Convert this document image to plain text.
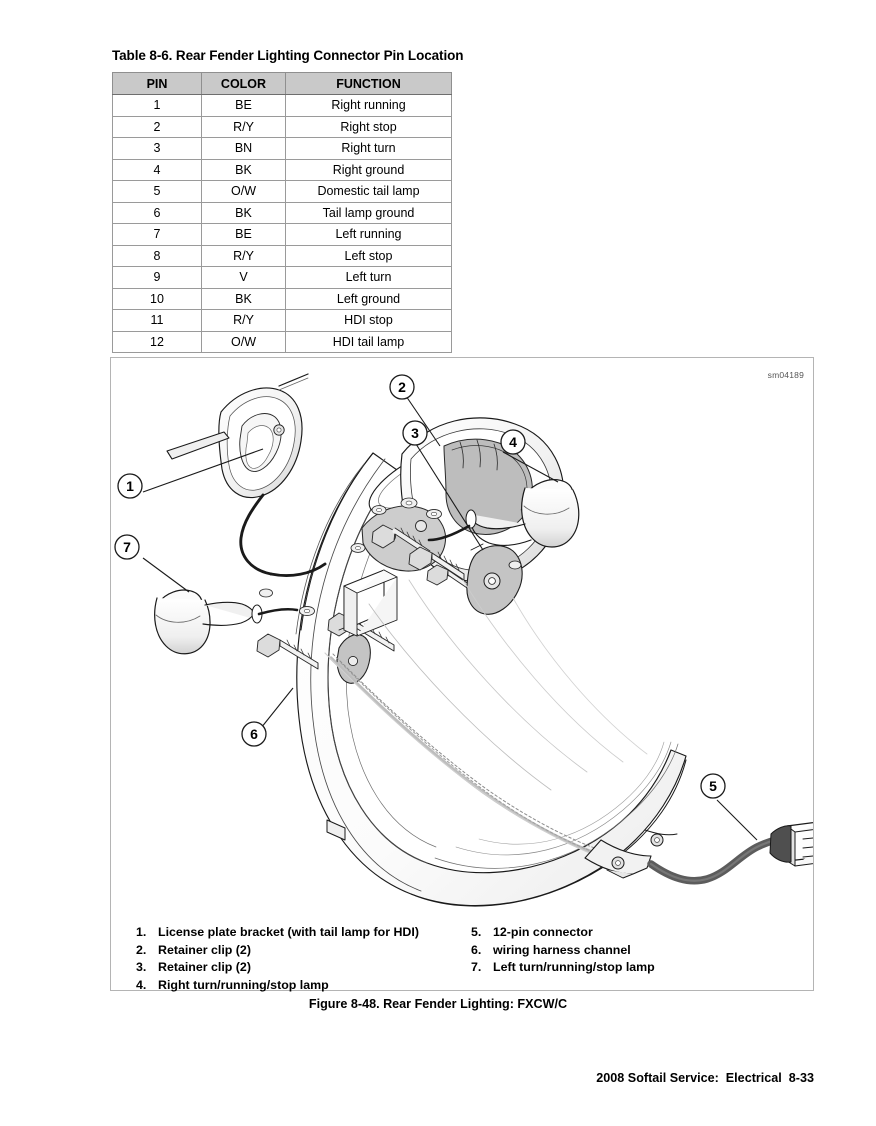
Table 8-6. Rear Fender Lighting Connector Pin Location
PIN	COLOR	FUNCTION
1	BE	Right running
2	R/Y	Right stop
3	BN	Right turn
4	BK	Right ground
5	O/W	Domestic tail lamp
6	BK	Tail lamp ground
7	BE	Left running
8	R/Y	Left stop
9	V	Left turn
10	BK	Left ground
11	R/Y	HDI stop
12	O/W	HDI tail lamp
sm04189
1
2
3
4
5
6
7
1. License plate bracket (with tail lamp for HDI)
2. Retainer clip (2)
3. Retainer clip (2)
4. Right turn/running/stop lamp
5. 12-pin connector
6. wiring harness channel
7. Left turn/running/stop lamp
Figure 8-48. Rear Fender Lighting: FXCW/C
2008 Softail Service:  Electrical  8-33
